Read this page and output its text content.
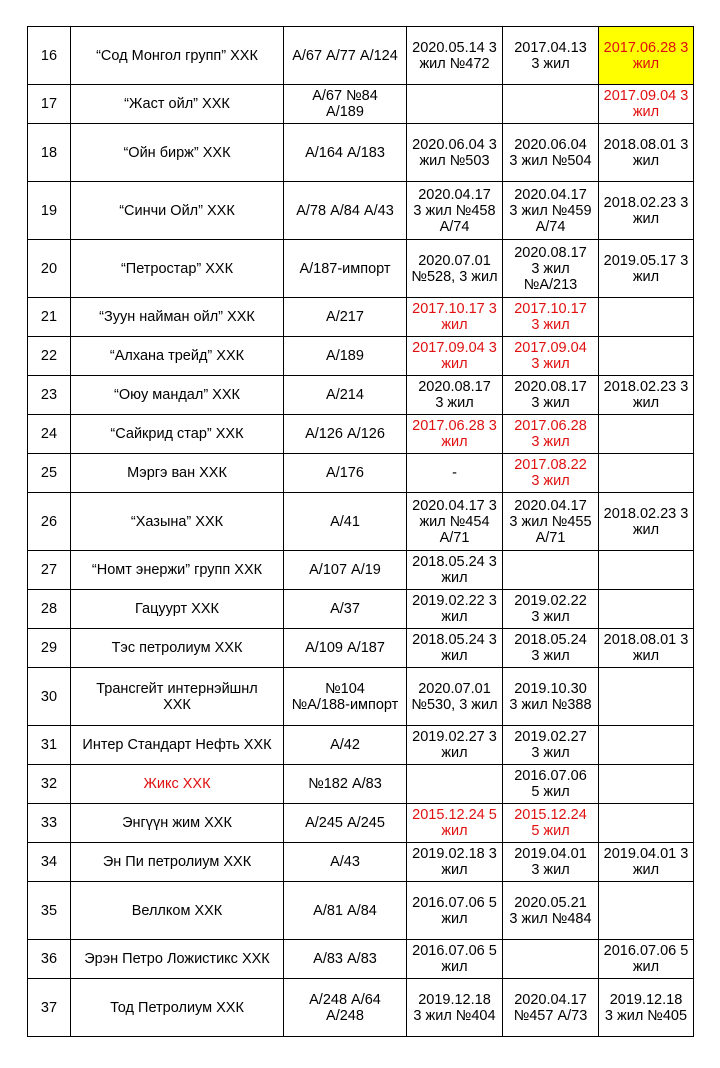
16	“Сод Монгол групп” ХХК	А/67 А/77 А/124	2020.05.14 3
жил №472	2017.04.13
3 жил	2017.06.28 3
жил

17	“Жаст ойл” ХХК	А/67 №84
А/189			2017.09.04 3
жил

18	“Ойн бирж” ХХК	А/164 А/183	2020.06.04 3
жил №503	2020.06.04
3 жил №504	2018.08.01 3
жил

19	“Синчи Ойл” ХХК	А/78 А/84 А/43	2020.04.17
3 жил №458
А/74	2020.04.17
3 жил №459
А/74	2018.02.23 3
жил

20	“Петростар” ХХК	А/187-импорт	2020.07.01
№528, 3 жил	2020.08.17
3 жил
№А/213	2019.05.17 3
жил

21	“Зуун найман ойл” ХХК	А/217	2017.10.17 3
жил	2017.10.17
3 жил	

22	“Алхана трейд” ХХК	А/189	2017.09.04 3
жил	2017.09.04
3 жил	

23	“Оюу мандал” ХХК	А/214	2020.08.17
3 жил	2020.08.17
3 жил	2018.02.23 3
жил

24	“Сайкрид стар” ХХК	А/126 А/126	2017.06.28 3
жил	2017.06.28
3 жил	

25	Мэргэ ван ХХК	А/176	-	2017.08.22
3 жил	

26	“Хазына” ХХК	А/41	2020.04.17 3
жил №454
А/71	2020.04.17
3 жил №455
А/71	2018.02.23 3
жил

27	“Номт энержи” групп ХХК	А/107 А/19	2018.05.24 3
жил		

28	Гацуурт ХХК	А/37	2019.02.22 3
жил	2019.02.22
3 жил	

29	Тэс петролиум ХХК	А/109 А/187	2018.05.24 3
жил	2018.05.24
3 жил	2018.08.01 3
жил

30	Трансгейт интернэйшнл
ХХК	№104
№А/188-импорт	2020.07.01
№530, 3 жил	2019.10.30
3 жил №388	

31	Интер Стандарт Нефть ХХК	А/42	2019.02.27 3
жил	2019.02.27
3 жил	

32	Жикс ХХК	№182 А/83		2016.07.06
5 жил	

33	Энгүүн жим ХХК	А/245 А/245	2015.12.24 5
жил	2015.12.24
5 жил	

34	Эн Пи петролиум ХХК	А/43	2019.02.18 3
жил	2019.04.01
3 жил	2019.04.01 3
жил

35	Веллком ХХК	А/81 А/84	2016.07.06 5
жил	2020.05.21
3 жил №484	

36	Эрэн Петро Ложистикс ХХК	А/83 А/83	2016.07.06 5
жил		2016.07.06 5
жил

37	Тод Петролиум ХХК	А/248 А/64
А/248	2019.12.18
3 жил №404	2020.04.17
№457 А/73	2019.12.18
3 жил №405
